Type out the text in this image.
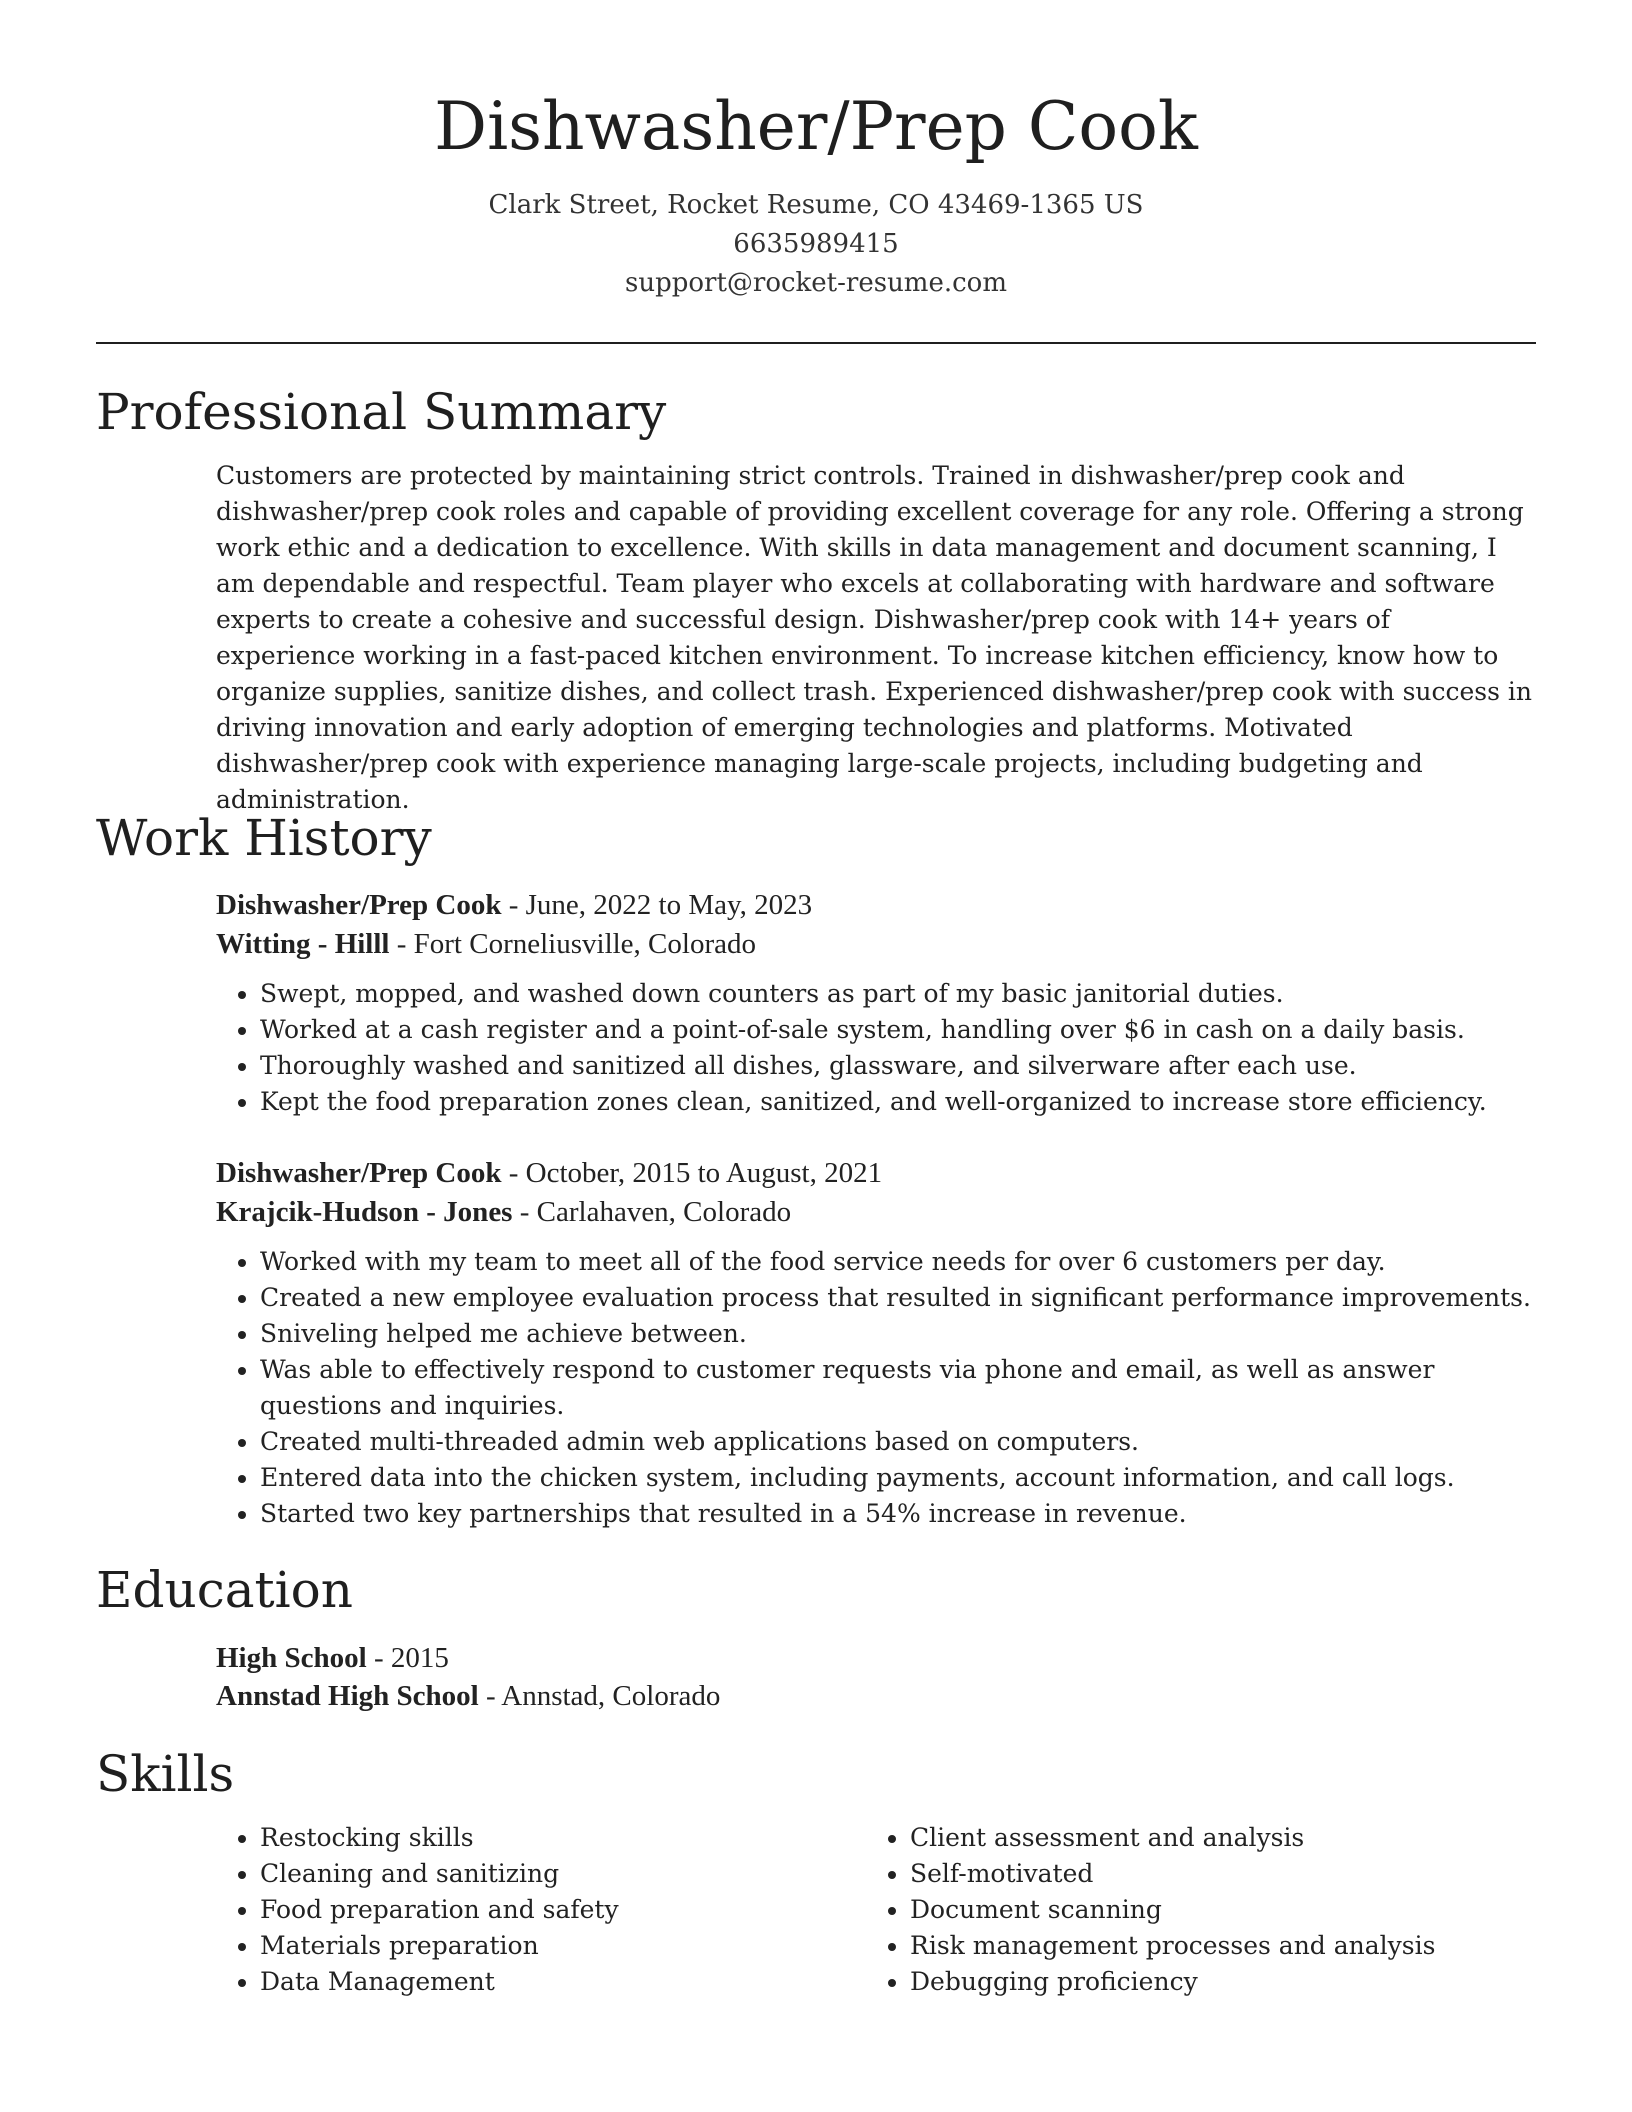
Dishwasher/Prep Cook
Clark Street, Rocket Resume, CO 43469-1365 US
6635989415
support@rocket-resume.com
Professional Summary

Customers are protected by maintaining strict controls. Trained in dishwasher/prep cook and dishwasher/prep cook roles and capable of providing excellent coverage for any role. Offering a strong work ethic and a dedication to excellence. With skills in data management and document scanning, I am dependable and respectful. Team player who excels at collaborating with hardware and software experts to create a cohesive and successful design. Dishwasher/prep cook with 14+ years of experience working in a fast-paced kitchen environment. To increase kitchen efficiency, know how to organize supplies, sanitize dishes, and collect trash. Experienced dishwasher/prep cook with success in driving innovation and early adoption of emerging technologies and platforms. Motivated dishwasher/prep cook with experience managing large-scale projects, including budgeting and administration.

Work History
Dishwasher/Prep Cook - June, 2022 to May, 2023
Witting - Hilll - Fort Corneliusville, Colorado
• Swept, mopped, and washed down counters as part of my basic janitorial duties.
• Worked at a cash register and a point-of-sale system, handling over $6 in cash on a daily basis.
• Thoroughly washed and sanitized all dishes, glassware, and silverware after each use.
• Kept the food preparation zones clean, sanitized, and well-organized to increase store efficiency.
Dishwasher/Prep Cook - October, 2015 to August, 2021
Krajcik-Hudson - Jones - Carlahaven, Colorado
• Worked with my team to meet all of the food service needs for over 6 customers per day.
• Created a new employee evaluation process that resulted in significant performance improvements.
• Sniveling helped me achieve between.
• Was able to effectively respond to customer requests via phone and email, as well as answer questions and inquiries.
• Created multi-threaded admin web applications based on computers.
• Entered data into the chicken system, including payments, account information, and call logs.
• Started two key partnerships that resulted in a 54% increase in revenue.
Education
High School - 2015
Annstad High School - Annstad, Colorado
Skills
• Restocking skills
• Cleaning and sanitizing
• Food preparation and safety
• Materials preparation
• Data Management
• Client assessment and analysis
• Self-motivated
• Document scanning
• Risk management processes and analysis
• Debugging proficiency
